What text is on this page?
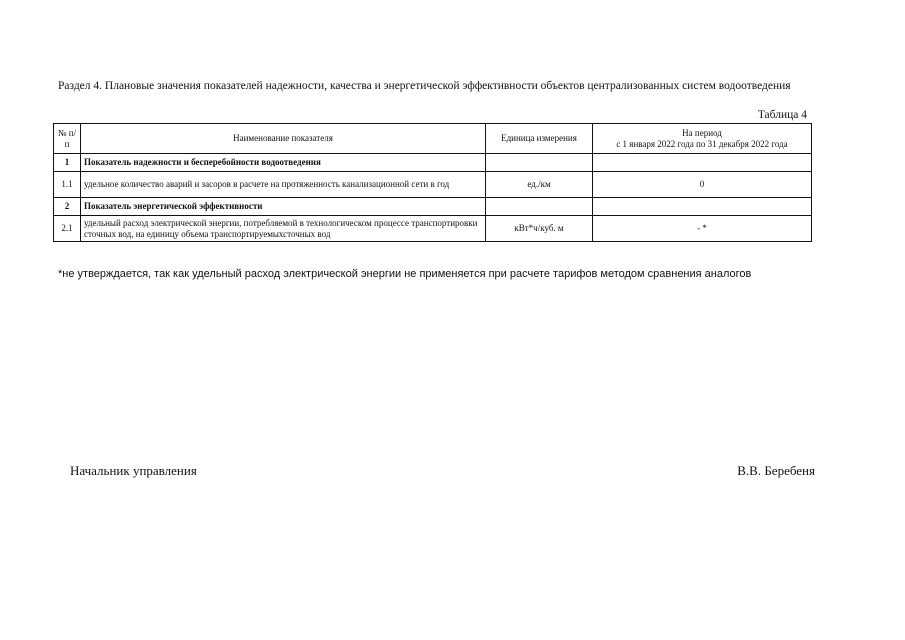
Раздел 4. Плановые значения показателей надежности, качества и энергетической эффективности объектов централизованных систем водоотведения
Таблица 4
№ п/п	Наименование показателя	Единица измерения	На период
с 1 января 2022 года по 31 декабря 2022 года

1	Показатель надежности и бесперебойности водоотведения		
1.1	удельное количество аварий и засоров в расчете на протяженность канализационной сети в год	ед./км	0
2	Показатель энергетической эффективности		
2.1	удельный расход электрической энергии, потребляемой в технологическом процессе транспортировки сточных вод, на единицу объема транспортируемыхсточных вод	кВт*ч/куб. м	- *
*не утверждается, так как удельный расход электрической энергии не применяется при расчете тарифов методом сравнения аналогов
Начальник управления	В.В. Беребеня
